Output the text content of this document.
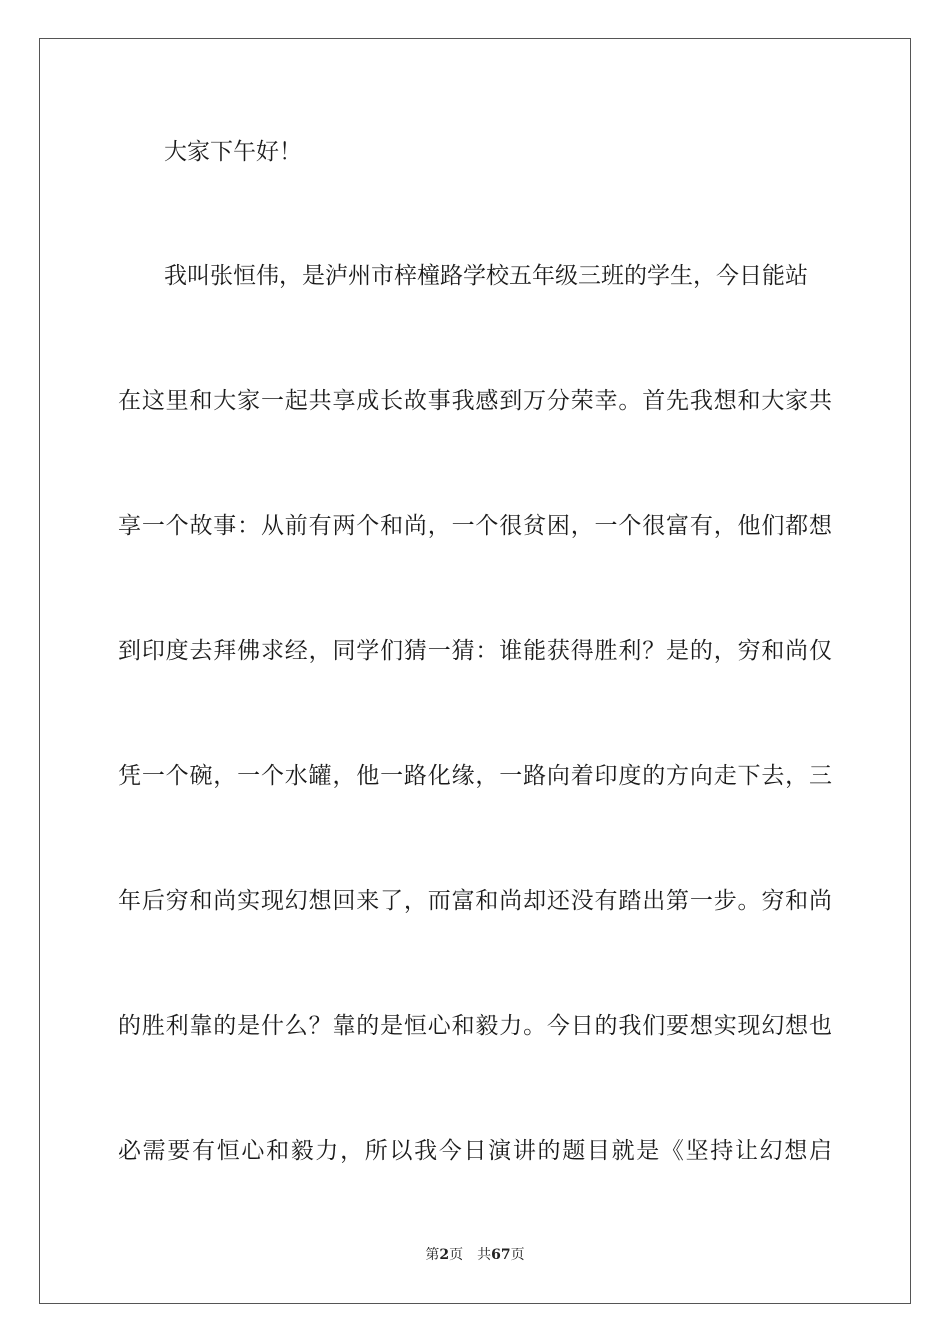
大家下午好！
我叫张恒伟，是泸州市梓橦路学校五年级三班的学生，今日能站
在这里和大家一起共享成长故事我感到万分荣幸。首先我想和大家共
享一个故事：从前有两个和尚，一个很贫困，一个很富有，他们都想
到印度去拜佛求经，同学们猜一猜：谁能获得胜利？是的，穷和尚仅
凭一个碗，一个水罐，他一路化缘，一路向着印度的方向走下去，三
年后穷和尚实现幻想回来了，而富和尚却还没有踏出第一步。穷和尚
的胜利靠的是什么？靠的是恒心和毅力。今日的我们要想实现幻想也
必需要有恒心和毅力，所以我今日演讲的题目就是《坚持让幻想启
第2页 共67页
